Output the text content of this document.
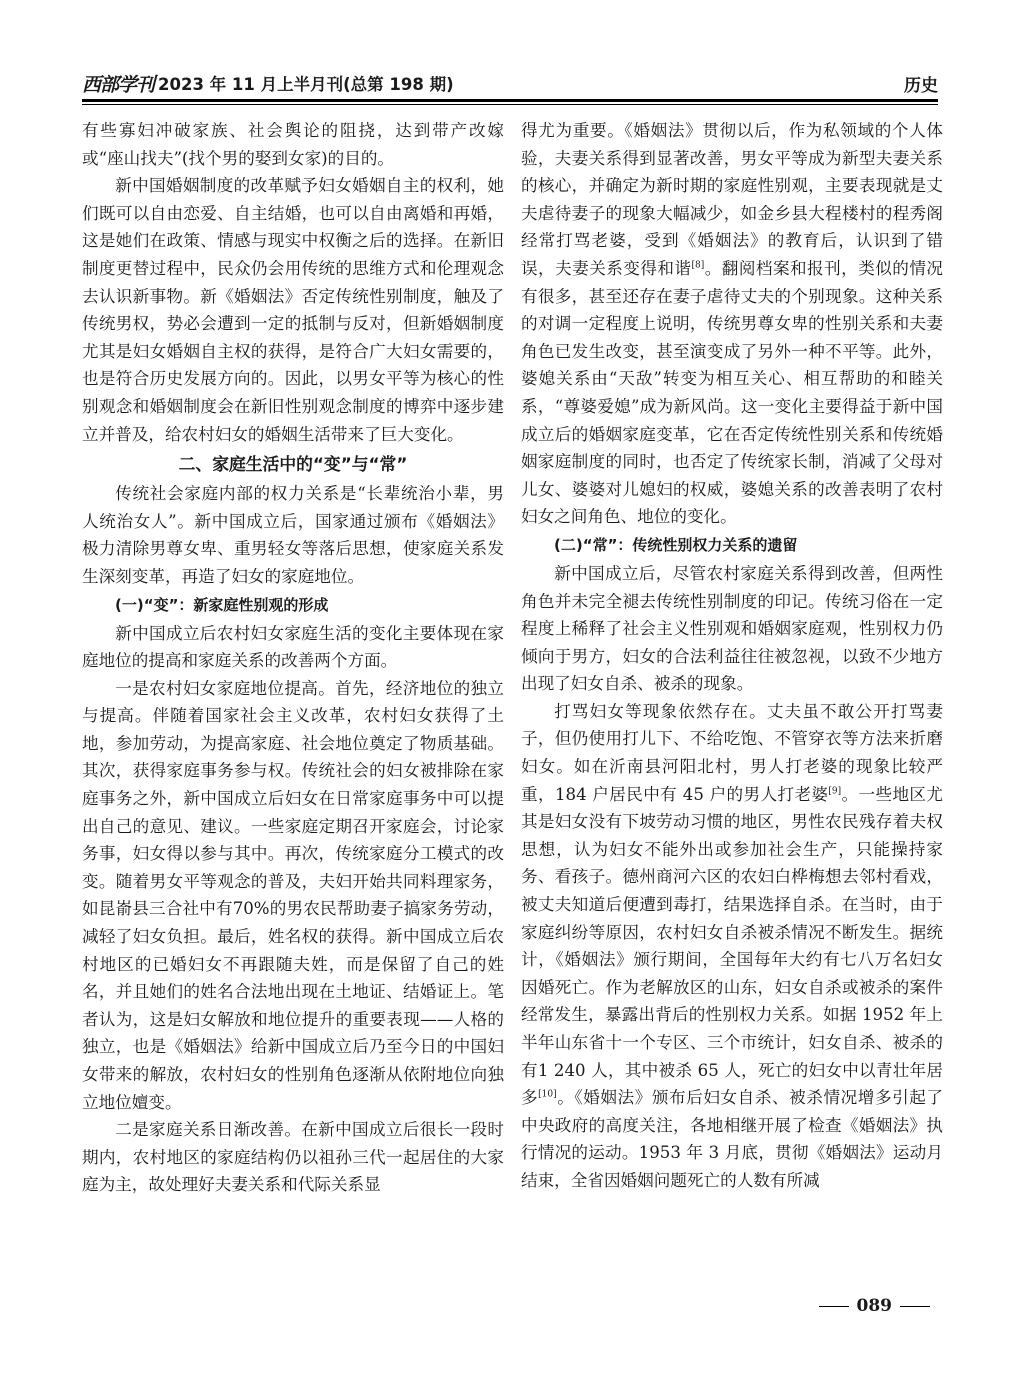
西部学刊 2023 年 11 月上半月刊(总第 198 期)	历史

有些寡妇冲破家族、社会舆论的阻挠，达到带产改嫁或“座山找夫”(找个男的娶到女家)的目的。

新中国婚姻制度的改革赋予妇女婚姻自主的权利，她们既可以自由恋爱、自主结婚，也可以自由离婚和再婚，这是她们在政策、情感与现实中权衡之后的选择。在新旧制度更替过程中，民众仍会用传统的思维方式和伦理观念去认识新事物。新《婚姻法》否定传统性别制度，触及了传统男权，势必会遭到一定的抵制与反对，但新婚姻制度尤其是妇女婚姻自主权的获得，是符合广大妇女需要的，也是符合历史发展方向的。因此，以男女平等为核心的性别观念和婚姻制度会在新旧性别观念制度的博弈中逐步建立并普及，给农村妇女的婚姻生活带来了巨大变化。

二、家庭生活中的“变”与“常”

传统社会家庭内部的权力关系是“长辈统治小辈，男人统治女人”。新中国成立后，国家通过颁布《婚姻法》极力清除男尊女卑、重男轻女等落后思想，使家庭关系发生深刻变革，再造了妇女的家庭地位。

(一)“变”：新家庭性别观的形成

新中国成立后农村妇女家庭生活的变化主要体现在家庭地位的提高和家庭关系的改善两个方面。

一是农村妇女家庭地位提高。首先，经济地位的独立与提高。伴随着国家社会主义改革，农村妇女获得了土地，参加劳动，为提高家庭、社会地位奠定了物质基础。其次，获得家庭事务参与权。传统社会的妇女被排除在家庭事务之外，新中国成立后妇女在日常家庭事务中可以提出自己的意见、建议。一些家庭定期召开家庭会，讨论家务事，妇女得以参与其中。再次，传统家庭分工模式的改变。随着男女平等观念的普及，夫妇开始共同料理家务，如昆嵛县三合社中有70%的男农民帮助妻子搞家务劳动，减轻了妇女负担。最后，姓名权的获得。新中国成立后农村地区的已婚妇女不再跟随夫姓，而是保留了自己的姓名，并且她们的姓名合法地出现在土地证、结婚证上。笔者认为，这是妇女解放和地位提升的重要表现——人格的独立，也是《婚姻法》给新中国成立后乃至今日的中国妇女带来的解放，农村妇女的性别角色逐渐从依附地位向独立地位嬗变。

二是家庭关系日渐改善。在新中国成立后很长一段时期内，农村地区的家庭结构仍以祖孙三代一起居住的大家庭为主，故处理好夫妻关系和代际关系显

得尤为重要。《婚姻法》贯彻以后，作为私领域的个人体验，夫妻关系得到显著改善，男女平等成为新型夫妻关系的核心，并确定为新时期的家庭性别观，主要表现就是丈夫虐待妻子的现象大幅减少，如金乡县大程楼村的程秀阁经常打骂老婆，受到《婚姻法》的教育后，认识到了错误，夫妻关系变得和谐[8]。翻阅档案和报刊，类似的情况有很多，甚至还存在妻子虐待丈夫的个别现象。这种关系的对调一定程度上说明，传统男尊女卑的性别关系和夫妻角色已发生改变，甚至演变成了另外一种不平等。此外，婆媳关系由“天敌”转变为相互关心、相互帮助的和睦关系，“尊婆爱媳”成为新风尚。这一变化主要得益于新中国成立后的婚姻家庭变革，它在否定传统性别关系和传统婚姻家庭制度的同时，也否定了传统家长制，消减了父母对儿女、婆婆对儿媳妇的权威，婆媳关系的改善表明了农村妇女之间角色、地位的变化。

(二)“常”：传统性别权力关系的遗留

新中国成立后，尽管农村家庭关系得到改善，但两性角色并未完全褪去传统性别制度的印记。传统习俗在一定程度上稀释了社会主义性别观和婚姻家庭观，性别权力仍倾向于男方，妇女的合法利益往往被忽视，以致不少地方出现了妇女自杀、被杀的现象。

打骂妇女等现象依然存在。丈夫虽不敢公开打骂妻子，但仍使用打儿下、不给吃饱、不管穿衣等方法来折磨妇女。如在沂南县河阳北村，男人打老婆的现象比较严重，184 户居民中有 45 户的男人打老婆[9]。一些地区尤其是妇女没有下坡劳动习惯的地区，男性农民残存着夫权思想，认为妇女不能外出或参加社会生产，只能操持家务、看孩子。德州商河六区的农妇白桦梅想去邻村看戏，被丈夫知道后便遭到毒打，结果选择自杀。在当时，由于家庭纠纷等原因，农村妇女自杀被杀情况不断发生。据统计，《婚姻法》颁行期间，全国每年大约有七八万名妇女因婚死亡。作为老解放区的山东，妇女自杀或被杀的案件经常发生，暴露出背后的性别权力关系。如据 1952 年上半年山东省十一个专区、三个市统计，妇女自杀、被杀的有1 240 人，其中被杀 65 人，死亡的妇女中以青壮年居多[10]。《婚姻法》颁布后妇女自杀、被杀情况增多引起了中央政府的高度关注，各地相继开展了检查《婚姻法》执行情况的运动。1953 年 3 月底，贯彻《婚姻法》运动月结束，全省因婚姻问题死亡的人数有所减

089
